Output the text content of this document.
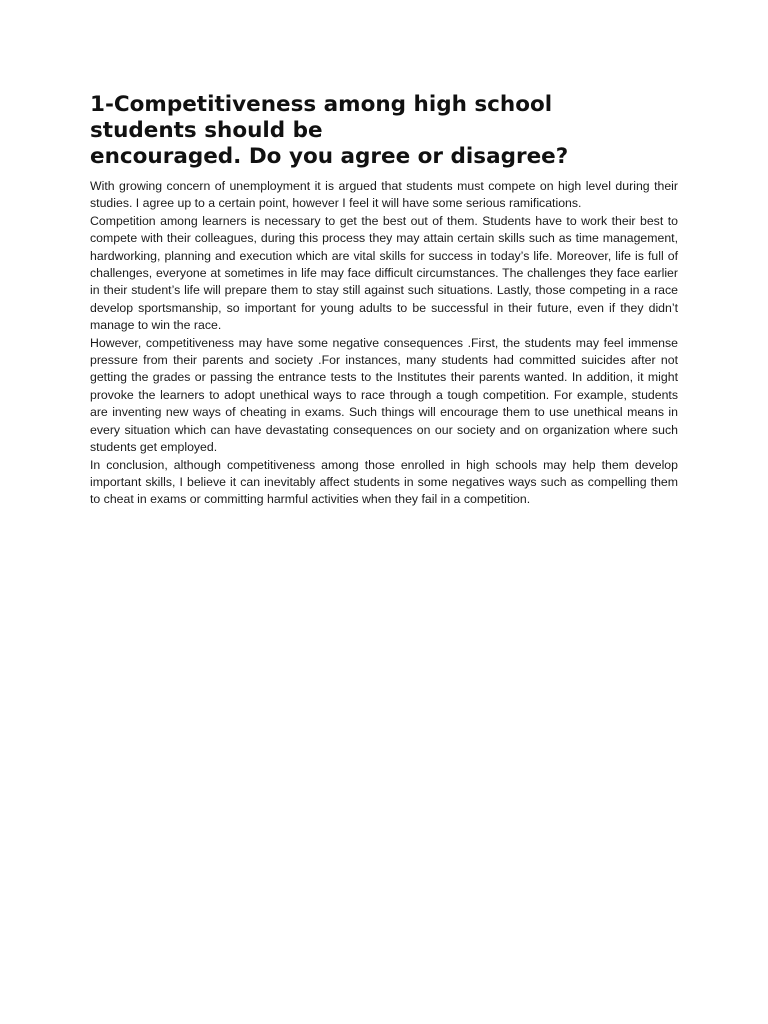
1-Competitiveness among high school
students should be
encouraged. Do you agree or disagree?

With growing concern of unemployment it is argued that students must compete on high level during their studies. I agree up to a certain point, however I feel it will have some serious ramifications.

Competition among learners is necessary to get the best out of them. Students have to work their best to compete with their colleagues, during this process they may attain certain skills such as time management, hardworking, planning and execution which are vital skills for success in today’s life. Moreover, life is full of challenges, everyone at sometimes in life may face difficult circumstances. The challenges they face earlier in their student’s life will prepare them to stay still against such situations. Lastly, those competing in a race develop sportsmanship, so important for young adults to be successful in their future, even if they didn’t manage to win the race.

However, competitiveness may have some negative consequences .First, the students may feel immense pressure from their parents and society .For instances, many students had committed suicides after not getting the grades or passing the entrance tests to the Institutes their parents wanted. In addition, it might provoke the learners to adopt unethical ways to race through a tough competition. For example, students are inventing new ways of cheating in exams. Such things will encourage them to use unethical means in every situation which can have devastating consequences on our society and on organization where such students get employed.

In conclusion, although competitiveness among those enrolled in high schools may help them develop important skills, I believe it can inevitably affect students in some negatives ways such as compelling them to cheat in exams or committing harmful activities when they fail in a competition.
